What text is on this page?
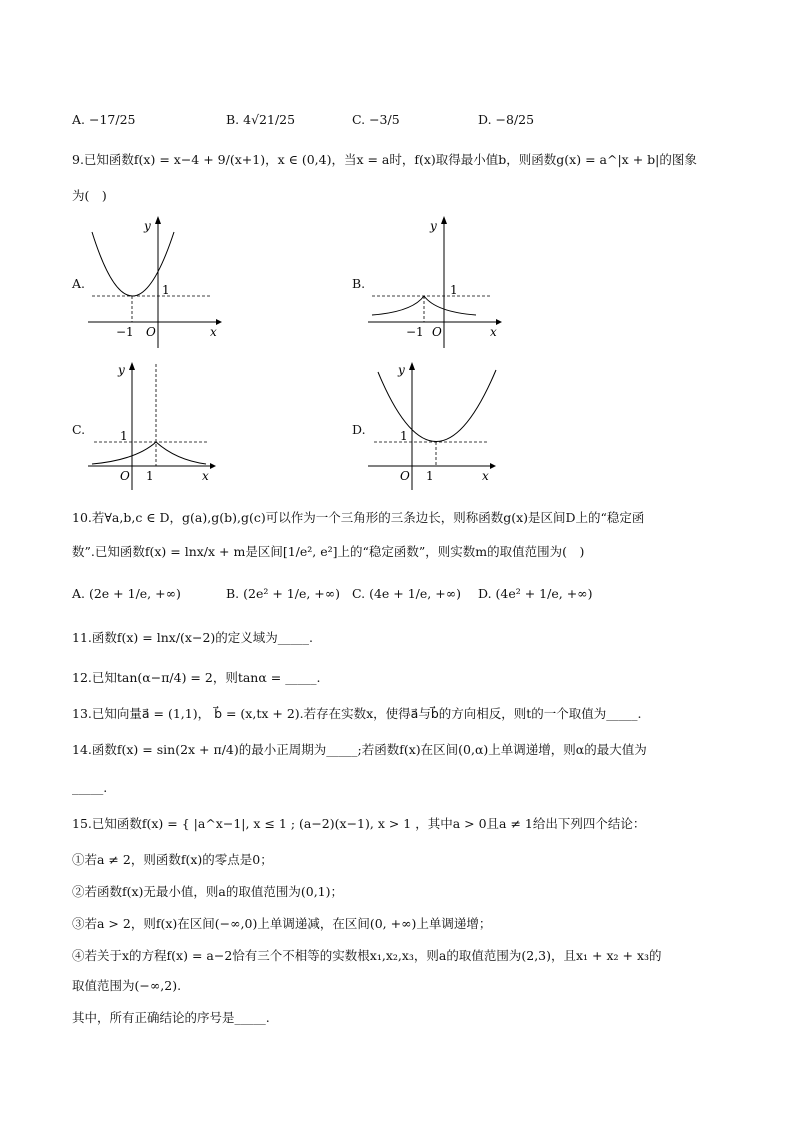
A. −17/25	B. 4√21/25	C. −3/5	D. −8/25
9.已知函数f(x) = x−4 + 9/(x+1)，x ∈ (0,4)，当x = a时，f(x)取得最小值b，则函数g(x) = a^|x + b|的图象
为(　)
A.
y
x
O
−1
1	B.
y
x
O
−1
1
C.
y
x
O 1
1	D.
y
x
O 1
1
10.若∀a,b,c ∈ D，g(a),g(b),g(c)可以作为一个三角形的三条边长，则称函数g(x)是区间D上的“稳定函
数”.已知函数f(x) = lnx/x + m是区间[1/e², e²]上的“稳定函数”，则实数m的取值范围为(　)
A. (2e + 1/e, +∞)	B. (2e² + 1/e, +∞) C. (4e + 1/e, +∞) D. (4e² + 1/e, +∞)
11.函数f(x) = lnx/(x−2)的定义域为_____.
12.已知tan(α−π/4) = 2，则tanα = _____.
13.已知向量a⃗ = (1,1)， b⃗ = (x,tx + 2).若存在实数x，使得a⃗与b⃗的方向相反，则t的一个取值为_____.
14.函数f(x) = sin(2x + π/4)的最小正周期为_____;若函数f(x)在区间(0,α)上单调递增，则α的最大值为
_____.
15.已知函数f(x) = { |a^x−1|, x ≤ 1 ; (a−2)(x−1), x > 1 ，其中a > 0且a ≠ 1给出下列四个结论：
①若a ≠ 2，则函数f(x)的零点是0；
②若函数f(x)无最小值，则a的取值范围为(0,1)；
③若a > 2，则f(x)在区间(−∞,0)上单调递减，在区间(0, +∞)上单调递增；
④若关于x的方程f(x) = a−2恰有三个不相等的实数根x₁,x₂,x₃，则a的取值范围为(2,3)，且x₁ + x₂ + x₃的
取值范围为(−∞,2).
其中，所有正确结论的序号是_____.
